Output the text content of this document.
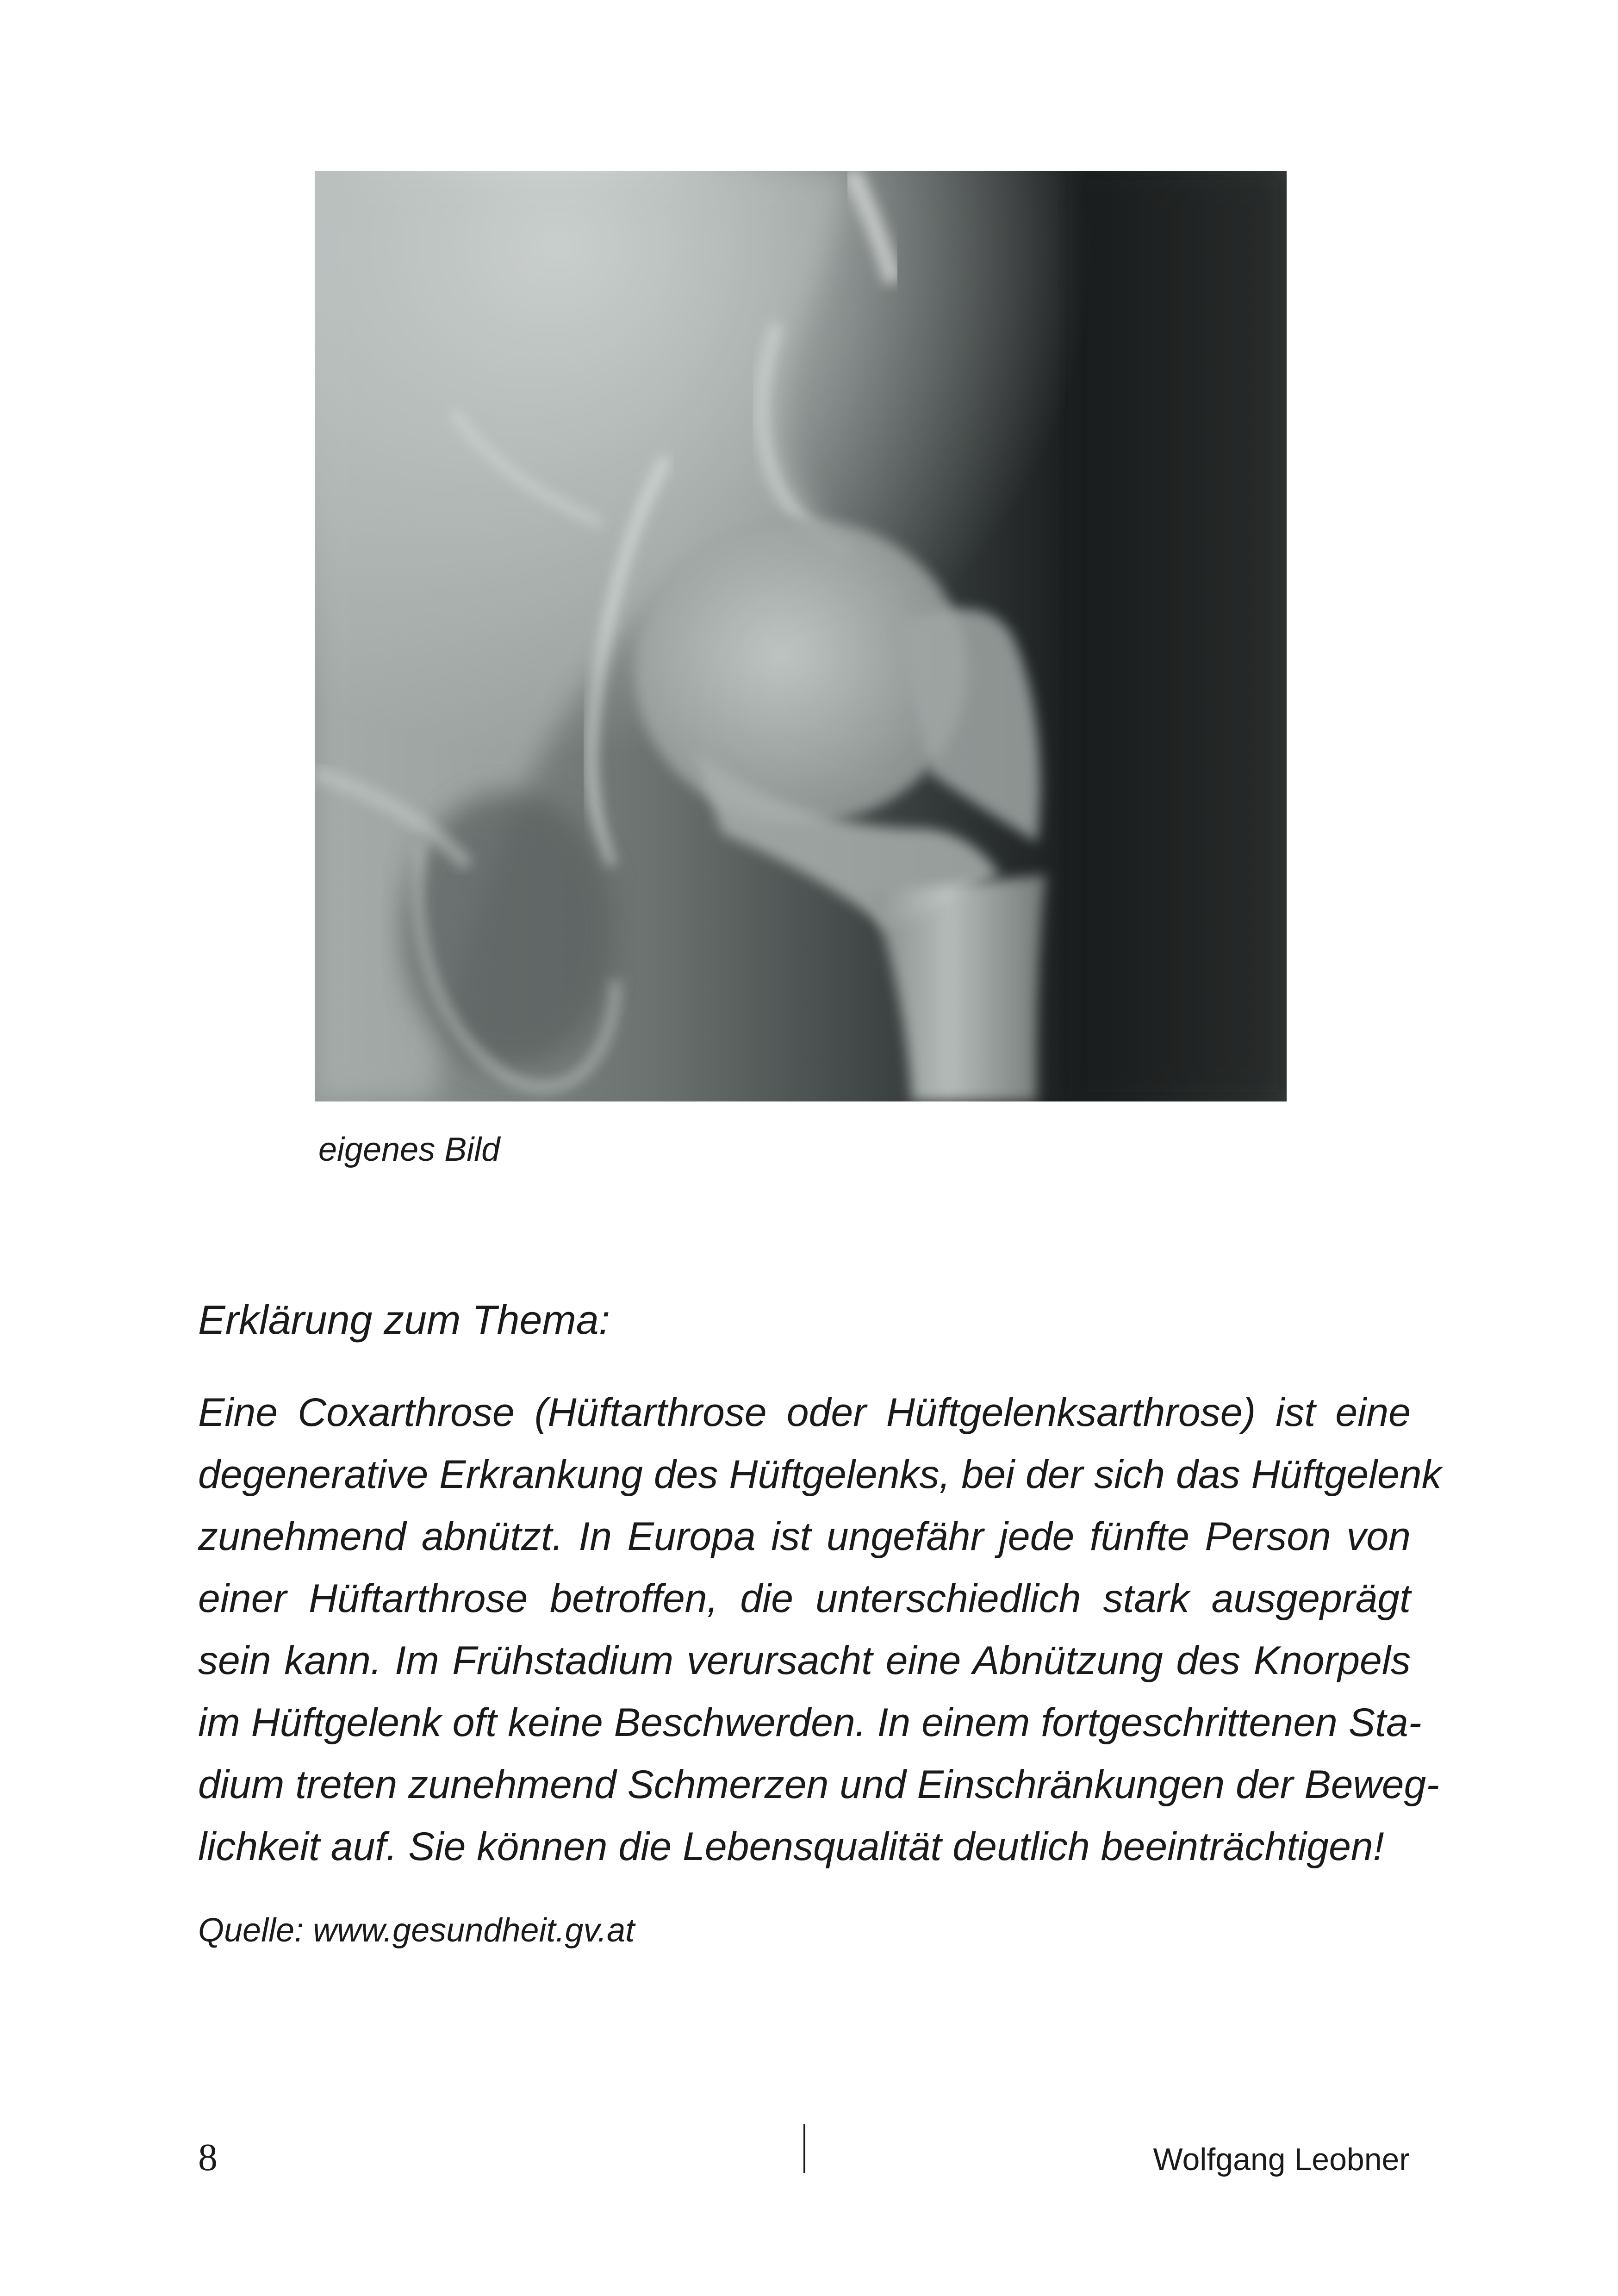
eigenes Bild
Erklärung zum Thema:
Eine Coxarthrose (Hüftarthrose oder Hüftgelenksarthrose) ist eine
degenerative Erkrankung des Hüftgelenks, bei der sich das Hüftgelenk
zunehmend abnützt. In Europa ist ungefähr jede fünfte Person von
einer Hüftarthrose betroffen, die unterschiedlich stark ausgeprägt
sein kann. Im Frühstadium verursacht eine Abnützung des Knorpels
im Hüftgelenk oft keine Beschwerden. In einem fortgeschrittenen Sta-
dium treten zunehmend Schmerzen und Einschränkungen der Beweg-
lichkeit auf. Sie können die Lebensqualität deutlich beeinträchtigen!
Quelle: www.gesundheit.gv.at
8	Wolfgang Leobner
